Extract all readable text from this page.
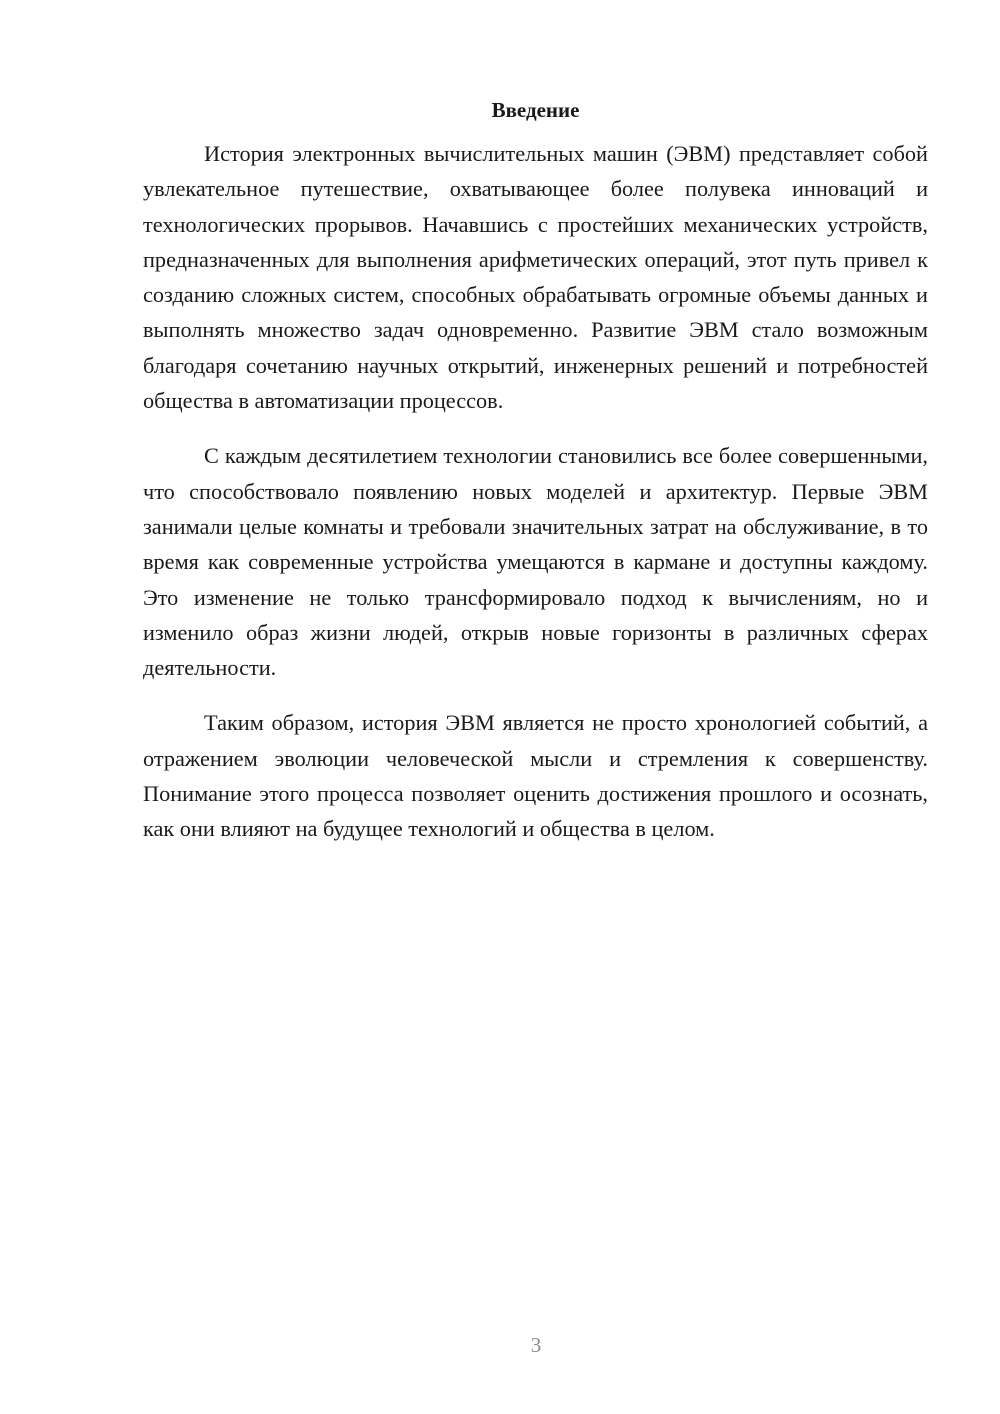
Введение

История электронных вычислительных машин (ЭВМ) представляет собой увлекательное путешествие, охватывающее более полувека инноваций и технологических прорывов. Начавшись с простейших механических устройств, предназначенных для выполнения арифметических операций, этот путь привел к созданию сложных систем, способных обрабатывать огромные объемы данных и выполнять множество задач одновременно. Развитие ЭВМ стало возможным благодаря сочетанию научных открытий, инженерных решений и потребностей общества в автоматизации процессов.

С каждым десятилетием технологии становились все более совершенными, что способствовало появлению новых моделей и архитектур. Первые ЭВМ занимали целые комнаты и требовали значительных затрат на обслуживание, в то время как современные устройства умещаются в кармане и доступны каждому. Это изменение не только трансформировало подход к вычислениям, но и изменило образ жизни людей, открыв новые горизонты в различных сферах деятельности.

Таким образом, история ЭВМ является не просто хронологией событий, а отражением эволюции человеческой мысли и стремления к совершенству. Понимание этого процесса позволяет оценить достижения прошлого и осознать, как они влияют на будущее технологий и общества в целом.

3
